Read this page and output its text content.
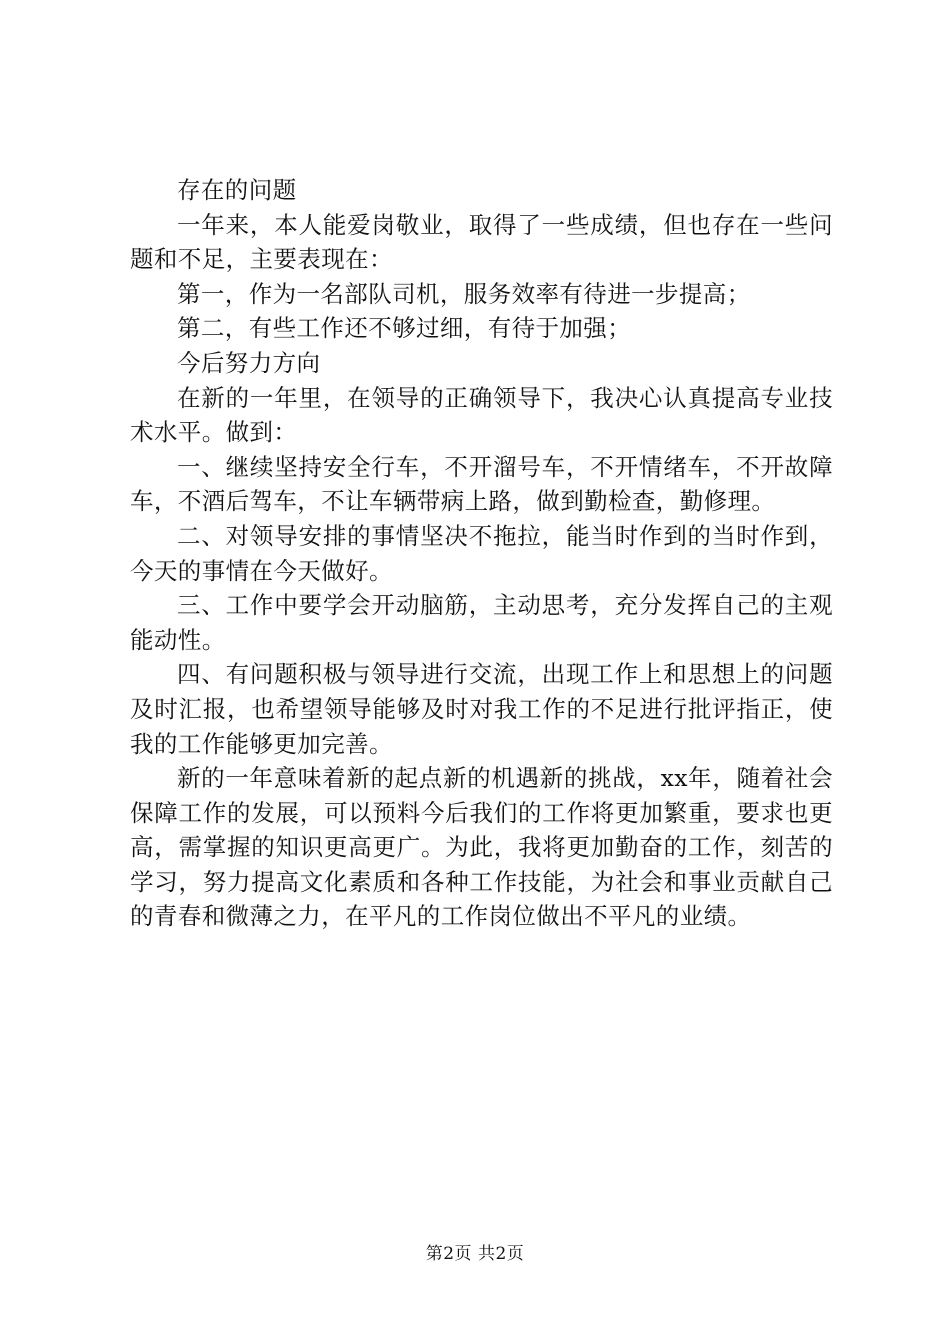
存在的问题

一年来，本人能爱岗敬业，取得了一些成绩，但也存在一些问题和不足，主要表现在：

第一，作为一名部队司机，服务效率有待进一步提高；

第二，有些工作还不够过细，有待于加强；

今后努力方向

在新的一年里，在领导的正确领导下，我决心认真提高专业技术水平。做到：

一、继续坚持安全行车，不开溜号车，不开情绪车，不开故障车，不酒后驾车，不让车辆带病上路，做到勤检查，勤修理。

二、对领导安排的事情坚决不拖拉，能当时作到的当时作到，今天的事情在今天做好。

三、工作中要学会开动脑筋，主动思考，充分发挥自己的主观能动性。

四、有问题积极与领导进行交流，出现工作上和思想上的问题及时汇报，也希望领导能够及时对我工作的不足进行批评指正，使我的工作能够更加完善。

新的一年意味着新的起点新的机遇新的挑战，xx年，随着社会保障工作的发展，可以预料今后我们的工作将更加繁重，要求也更高，需掌握的知识更高更广。为此，我将更加勤奋的工作，刻苦的学习，努力提高文化素质和各种工作技能，为社会和事业贡献自己的青春和微薄之力，在平凡的工作岗位做出不平凡的业绩。

第2页 共2页
